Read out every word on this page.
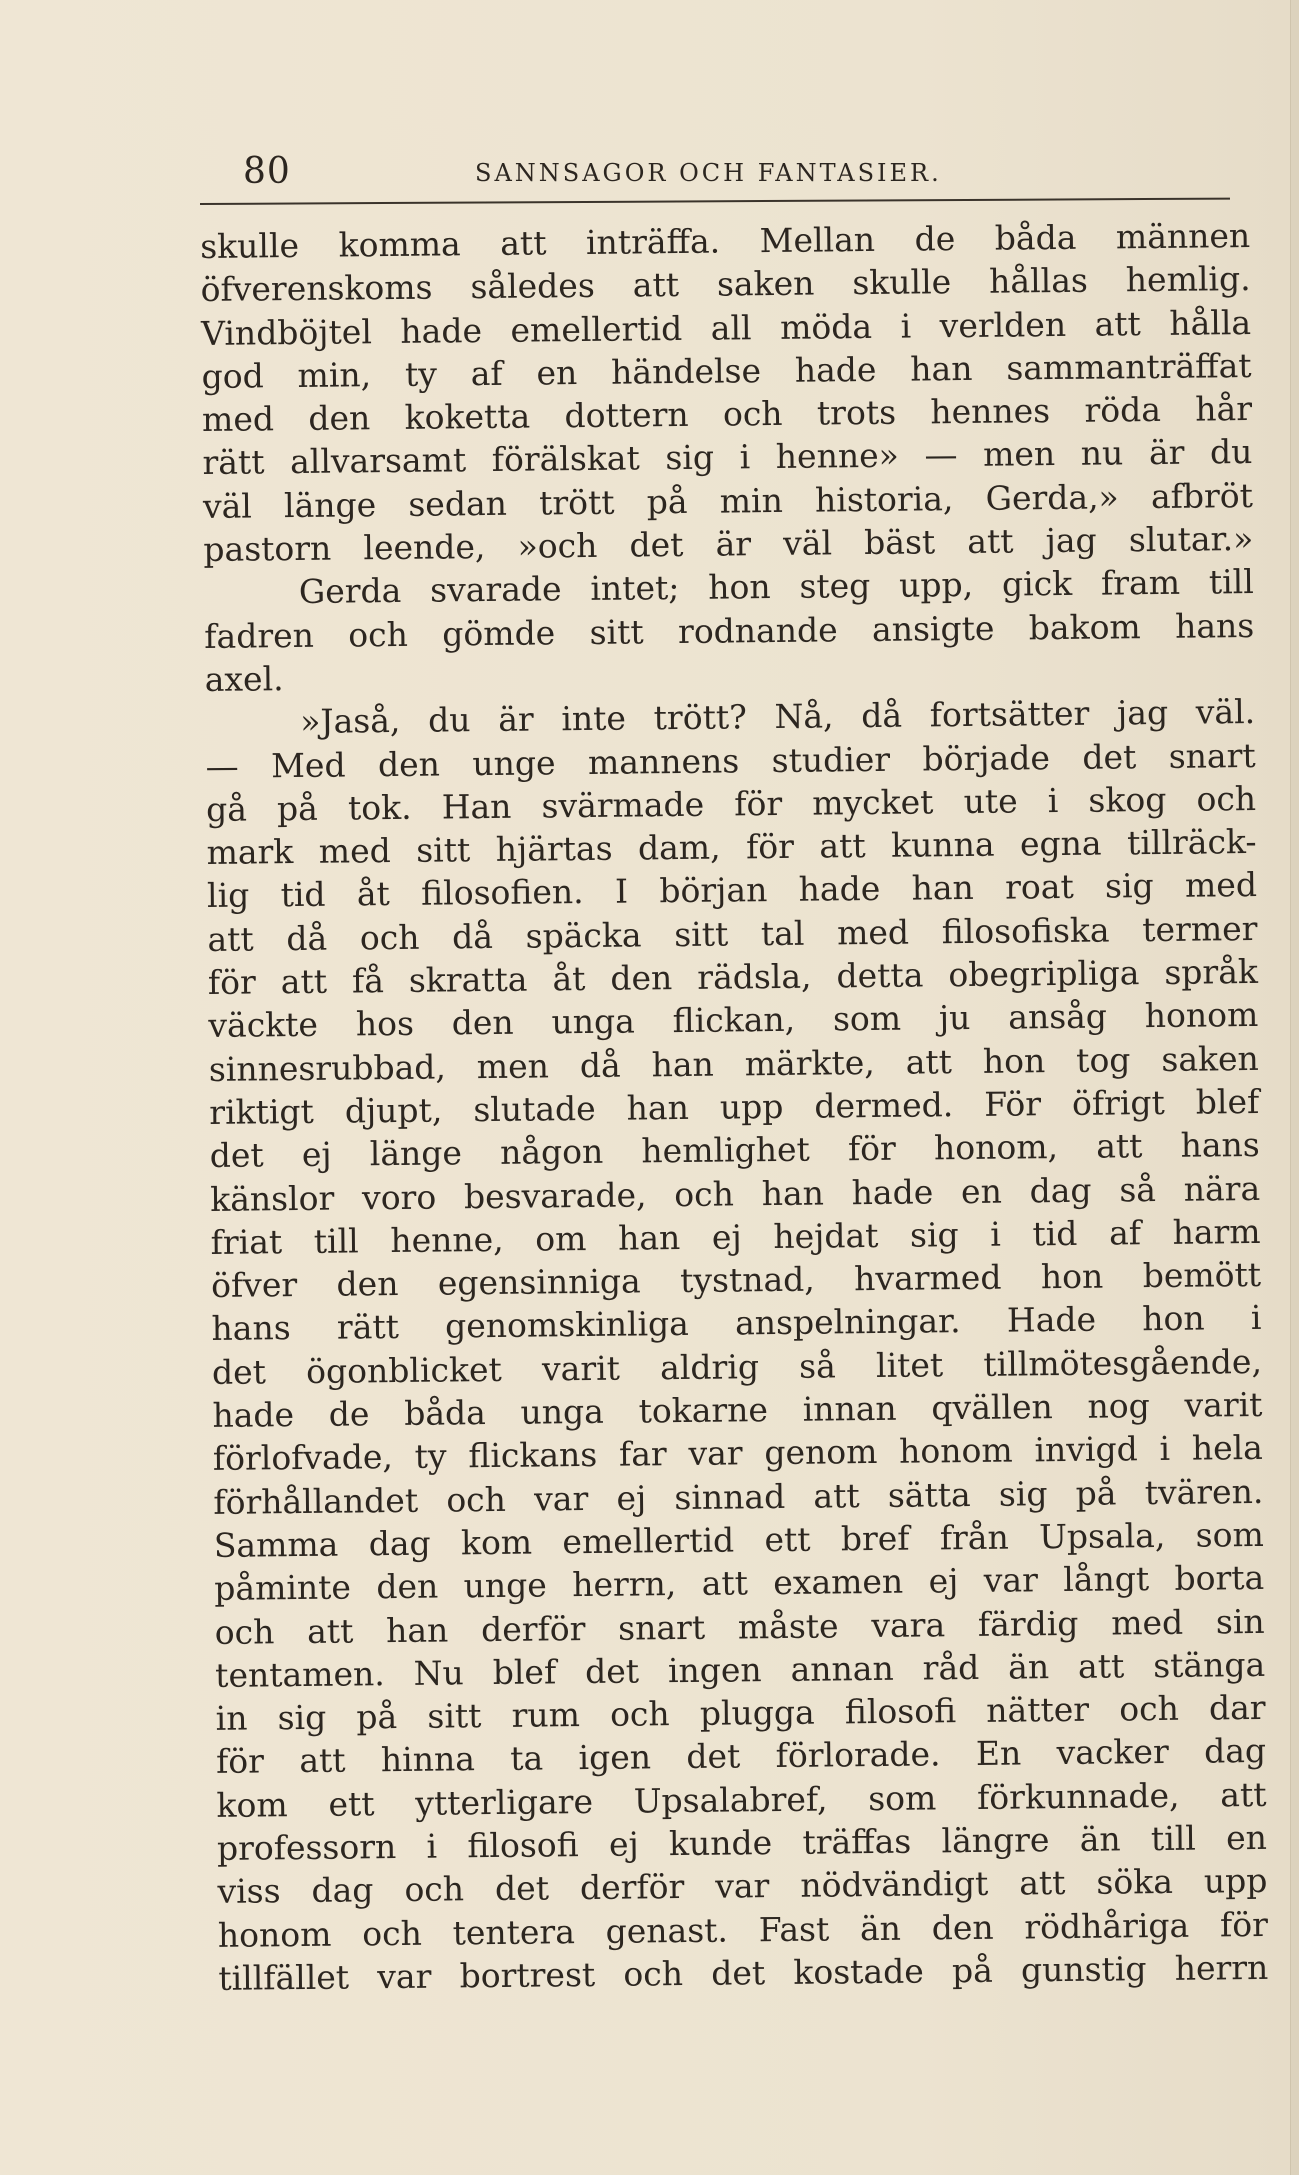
80	SANNSAGOR OCH FANTASIER.
skulle komma att inträffa. Mellan de båda männen
öfverenskoms således att saken skulle hållas hemlig.
Vindböjtel hade emellertid all möda i verlden att hålla
god min, ty af en händelse hade han sammanträffat
med den koketta dottern och trots hennes röda hår
rätt allvarsamt förälskat sig i henne» — men nu är du
väl länge sedan trött på min historia, Gerda,» afbröt
pastorn leende, »och det är väl bäst att jag slutar.»
Gerda svarade intet; hon steg upp, gick fram till
fadren och gömde sitt rodnande ansigte bakom hans
axel.
»Jaså, du är inte trött? Nå, då fortsätter jag väl.
— Med den unge mannens studier började det snart
gå på tok. Han svärmade för mycket ute i skog och
mark med sitt hjärtas dam, för att kunna egna tillräck-
lig tid åt filosofien. I början hade han roat sig med
att då och då späcka sitt tal med filosofiska termer
för att få skratta åt den rädsla, detta obegripliga språk
väckte hos den unga flickan, som ju ansåg honom
sinnesrubbad, men då han märkte, att hon tog saken
riktigt djupt, slutade han upp dermed. För öfrigt blef
det ej länge någon hemlighet för honom, att hans
känslor voro besvarade, och han hade en dag så nära
friat till henne, om han ej hejdat sig i tid af harm
öfver den egensinniga tystnad, hvarmed hon bemött
hans rätt genomskinliga anspelningar. Hade hon i
det ögonblicket varit aldrig så litet tillmötesgående,
hade de båda unga tokarne innan qvällen nog varit
förlofvade, ty flickans far var genom honom invigd i hela
förhållandet och var ej sinnad att sätta sig på tvären.
Samma dag kom emellertid ett bref från Upsala, som
påminte den unge herrn, att examen ej var långt borta
och att han derför snart måste vara färdig med sin
tentamen. Nu blef det ingen annan råd än att stänga
in sig på sitt rum och plugga filosofi nätter och dar
för att hinna ta igen det förlorade. En vacker dag
kom ett ytterligare Upsalabref, som förkunnade, att
professorn i filosofi ej kunde träffas längre än till en
viss dag och det derför var nödvändigt att söka upp
honom och tentera genast. Fast än den rödhåriga för
tillfället var bortrest och det kostade på gunstig herrn
